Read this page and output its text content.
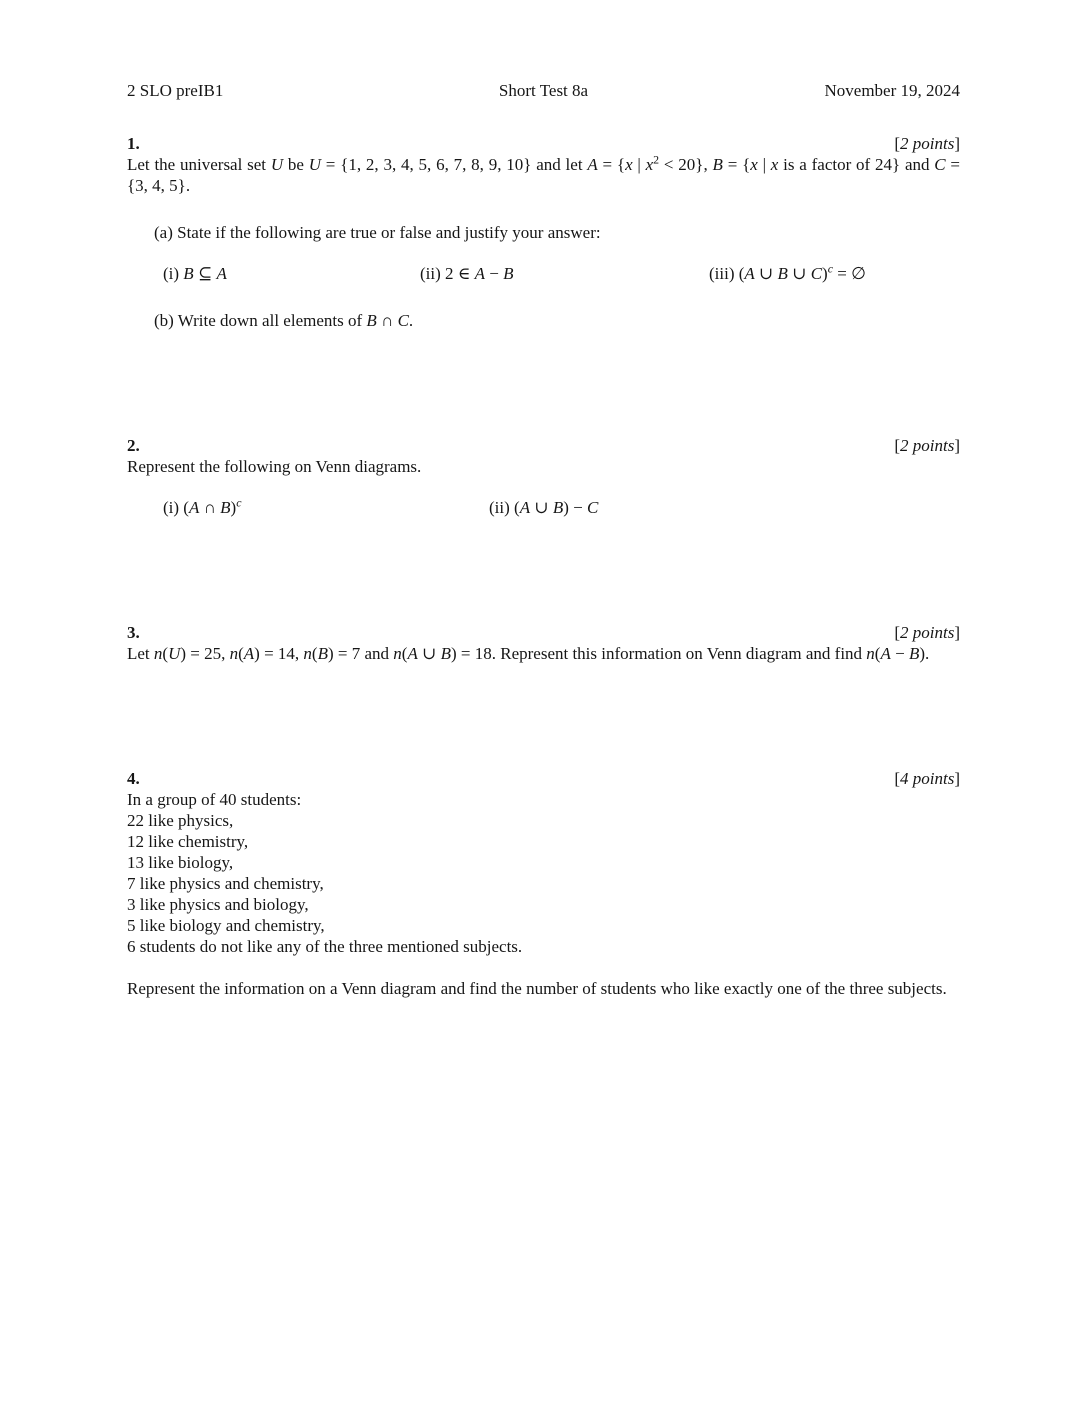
2 SLO preIB1	Short Test 8a	November 19, 2024
1.	[2 points]

Let the universal set U be U = {1, 2, 3, 4, 5, 6, 7, 8, 9, 10} and let A = {x | $x^2 < 20$}, B = {x | x is a factor of 24} and C = {3, 4, 5}.

(a) State if the following are true or false and justify your answer:

(i) B ⊆ A	(ii) 2 ∈ A − B	(iii) (A ∪ B ∪ C)$^c$ = ∅

(b) Write down all elements of B ∩ C.

2.	[2 points]

Represent the following on Venn diagrams.

(i) (A ∩ B)$^c$	(ii) (A ∪ B) − C
3.	[2 points]

Let n(U) = 25, n(A) = 14, n(B) = 7 and n(A ∪ B) = 18. Represent this information on Venn diagram and find n(A − B).

4.	[4 points]
In a group of 40 students:
22 like physics,
12 like chemistry,
13 like biology,
7 like physics and chemistry,
3 like physics and biology,
5 like biology and chemistry,
6 students do not like any of the three mentioned subjects.

Represent the information on a Venn diagram and find the number of students who like exactly one of the three subjects.
